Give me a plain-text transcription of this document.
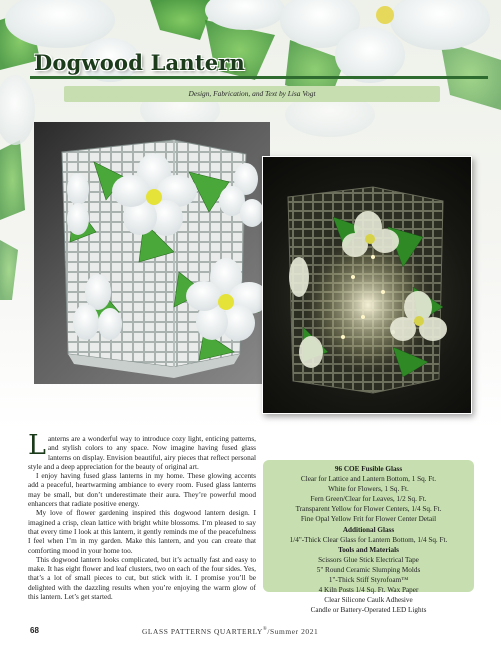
Dogwood Lantern
Design, Fabrication, and Text by Lisa Vogt

Lanterns are a wonderful way to introduce cozy light, enticing patterns, and stylish colors to any space. Now imagine having fused glass lanterns on display. Envision beautiful, airy pieces that reflect personal style and a deep appreciation for the beauty of original art.

I enjoy having fused glass lanterns in my home. These glowing accents add a peaceful, heartwarming ambiance to every room. Fused glass lanterns may be small, but don’t underestimate their aura. They’re powerful mood enhancers that radiate positive energy.

My love of flower gardening inspired this dogwood lantern design. I imagined a crisp, clean lattice with bright white blossoms. I’m pleased to say that every time I look at this lantern, it gently reminds me of the peacefulness I feel when I’m in my garden. Make this lantern, and you can create that comforting mood in your home too.

This dogwood lantern looks complicated, but it’s actually fast and easy to make. It has eight flower and leaf clusters, two on each of the four sides. Yes, that’s a lot of small pieces to cut, but stick with it. I promise you’ll be delighted with the dazzling results when you’re enjoying the warm glow of this lantern. Let’s get started.

96 COE Fusible Glass
Clear for Lattice and Lantern Bottom, 1 Sq. Ft.
White for Flowers, 1 Sq. Ft.
Fern Green/Clear for Leaves, 1/2 Sq. Ft.
Transparent Yellow for Flower Centers, 1/4 Sq. Ft.
Fine Opal Yellow Frit for Flower Center Detail
Additional Glass
1/4"-Thick Clear Glass for Lantern Bottom, 1/4 Sq. Ft.
Tools and Materials
Scissors Glue Stick Electrical Tape
5" Round Ceramic Slumping Molds
1"-Thick Stiff Styrofoam™
4 Kiln Posts 1/4 Sq. Ft. Wax Paper
Clear Silicone Caulk Adhesive
Candle or Battery-Operated LED Lights
68	GLASS PATTERNS QUARTERLY®/Summer 2021
